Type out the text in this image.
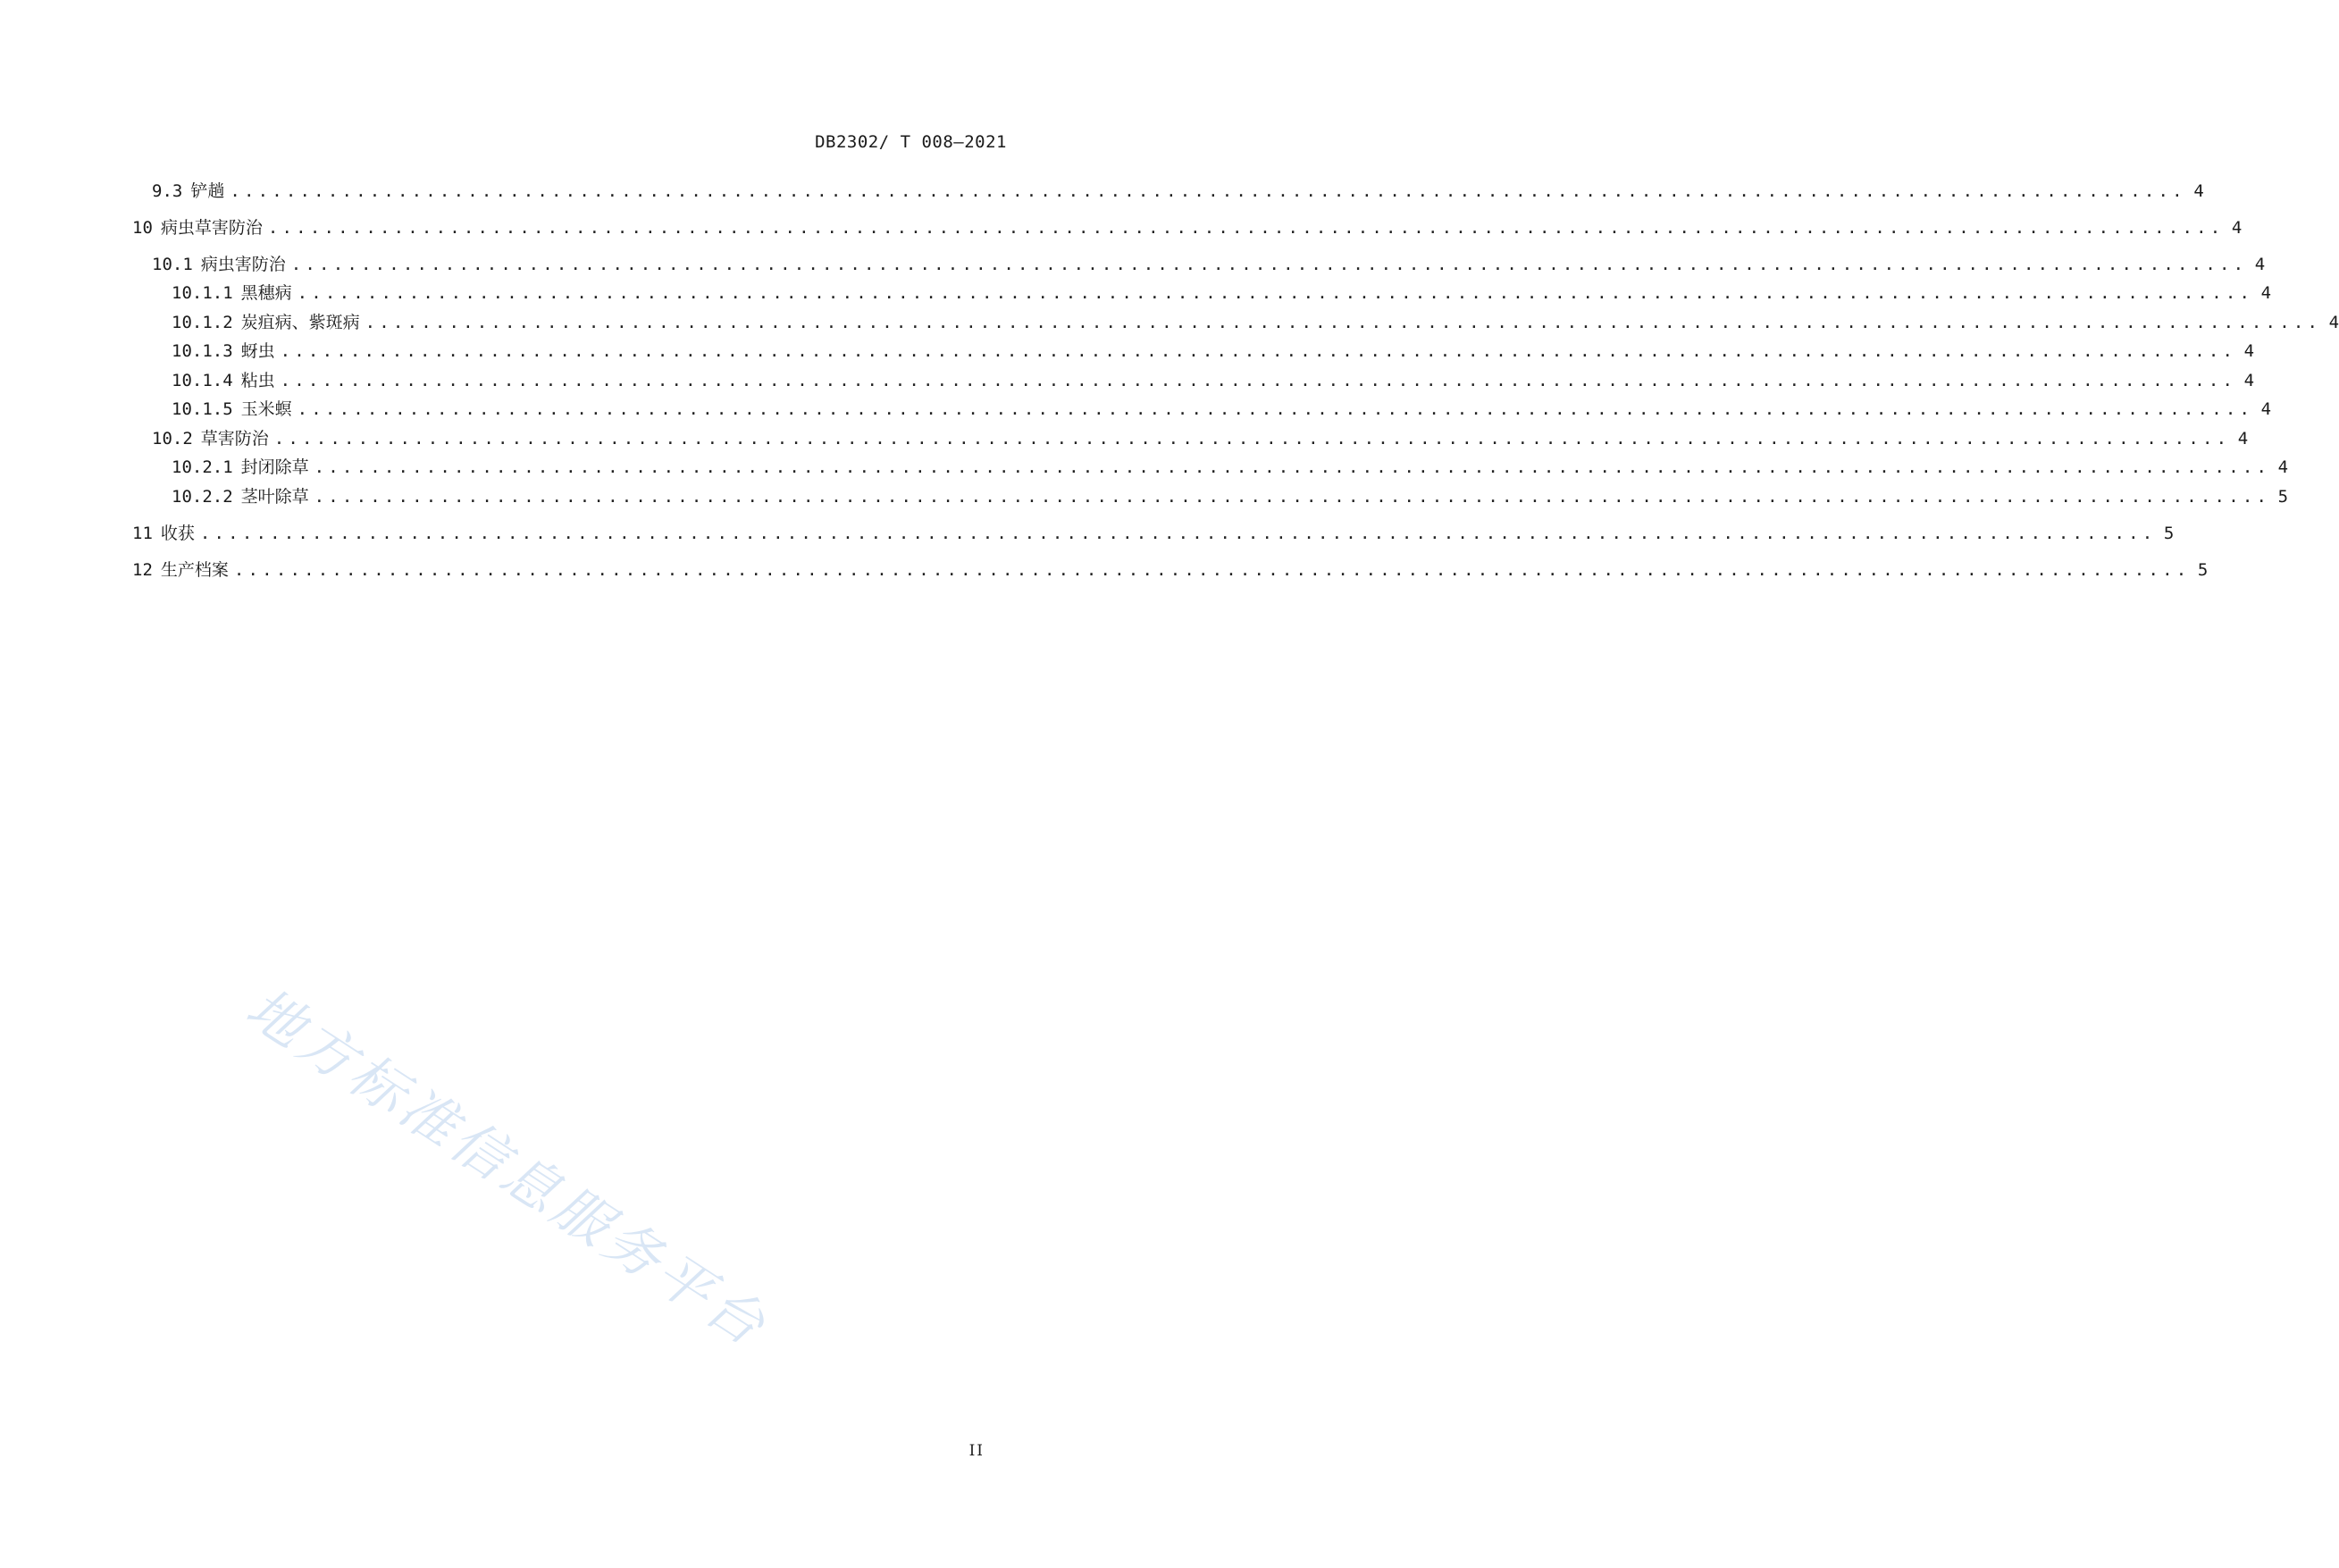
DB2302/ T 008—2021
9.3 铲趟 ............................................................................................................................................ 4
10 病虫草害防治 ............................................................................................................................................ 4
10.1 病虫害防治 ............................................................................................................................................ 4
10.1.1 黑穗病 ............................................................................................................................................ 4
10.1.2 炭疽病、紫斑病 ............................................................................................................................................ 4
10.1.3 蚜虫 ............................................................................................................................................ 4
10.1.4 粘虫 ............................................................................................................................................ 4
10.1.5 玉米螟 ............................................................................................................................................ 4
10.2 草害防治 ............................................................................................................................................ 4
10.2.1 封闭除草 ............................................................................................................................................ 4
10.2.2 茎叶除草 ............................................................................................................................................ 5
11 收获 ............................................................................................................................................ 5
12 生产档案 ............................................................................................................................................ 5
地方标准信息服务平台
II
